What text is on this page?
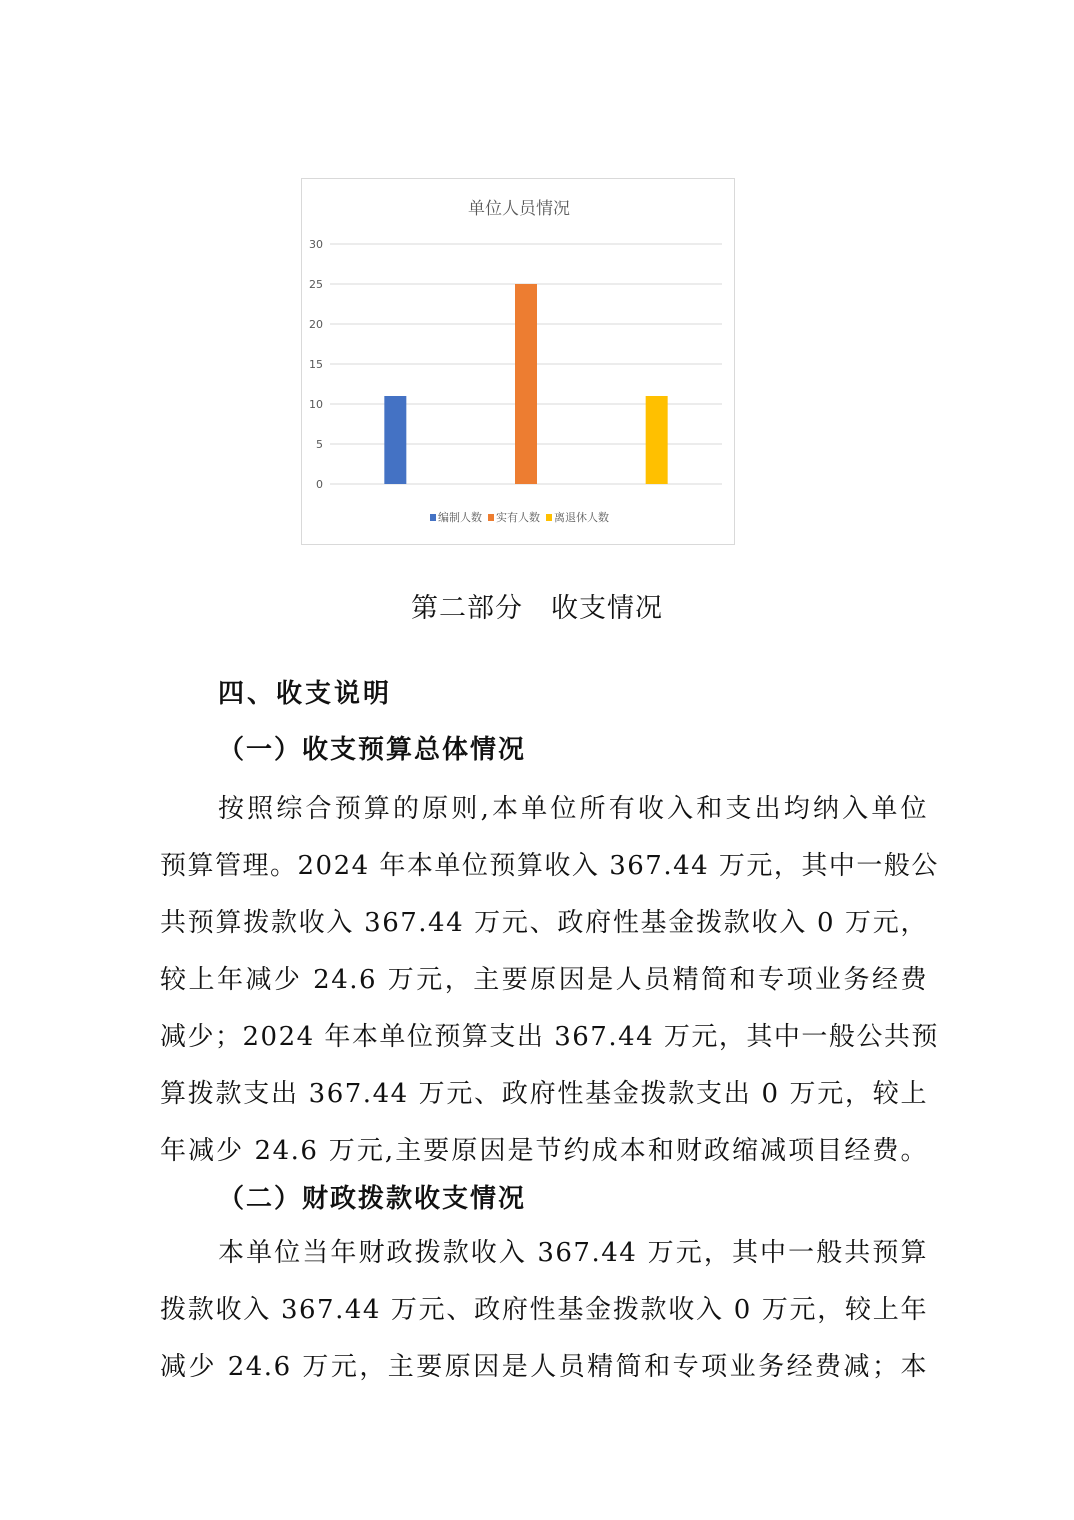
单位人员情况
0
5
10
15
20
25
30
编制人数 实有人数 离退休人数
第二部分　收支情况
四、收支说明
（一）收支预算总体情况
按照综合预算的原则,本单位所有收入和支出均纳入单位
预算管理。2024 年本单位预算收入 367.44 万元，其中一般公
共预算拨款收入 367.44 万元、政府性基金拨款收入 0 万元，
较上年减少 24.6 万元，主要原因是人员精简和专项业务经费
减少；2024 年本单位预算支出 367.44 万元，其中一般公共预
算拨款支出 367.44 万元、政府性基金拨款支出 0 万元，较上
年减少 24.6 万元,主要原因是节约成本和财政缩减项目经费。
（二）财政拨款收支情况
本单位当年财政拨款收入 367.44 万元，其中一般共预算
拨款收入 367.44 万元、政府性基金拨款收入 0 万元，较上年
减少 24.6 万元，主要原因是人员精简和专项业务经费减；本
